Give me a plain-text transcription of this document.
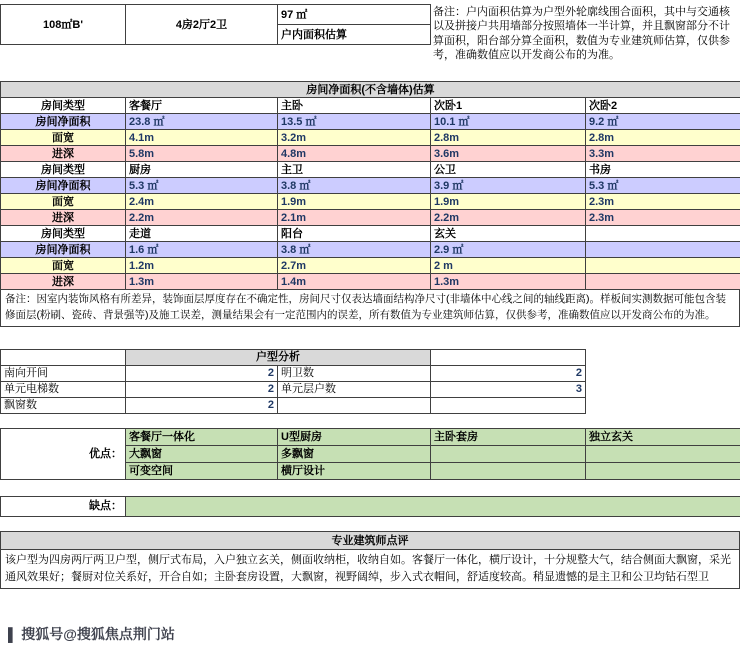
108㎡B'	4房2厅2卫	97 ㎡
户内面积估算
备注：户内面积估算为户型外轮廓线围合面积，其中与交通核以及拼接户共用墙部分按照墙体一半计算，并且飘窗部分不计算面积，阳台部分算全面积，数值为专业建筑师估算，仅供参考，准确数值应以开发商公布的为准。
房间净面积(不含墙体)估算				
房间类型	客餐厅	主卧	次卧1	次卧2
房间净面积	23.8 ㎡	13.5 ㎡	10.1 ㎡	9.2 ㎡
面宽	4.1m	3.2m	2.8m	2.8m
进深	5.8m	4.8m	3.6m	3.3m
房间类型	厨房	主卫	公卫	书房
房间净面积	5.3 ㎡	3.8 ㎡	3.9 ㎡	5.3 ㎡
面宽	2.4m	1.9m	1.9m	2.3m
进深	2.2m	2.1m	2.2m	2.3m
房间类型	走道	阳台	玄关	
房间净面积	1.6 ㎡	3.8 ㎡	2.9 ㎡	
面宽	1.2m	2.7m	2 m	
进深	1.3m	1.4m	1.3m	
备注：因室内装饰风格有所差异，装饰面层厚度存在不确定性，房间尺寸仅表达墙面结构净尺寸(非墙体中心线之间的轴线距离)。样板间实测数据可能包含装修面层(粉刷、瓷砖、背景强等)及施工误差，测量结果会有一定范围内的误差，所有数值为专业建筑师估算，仅供参考，准确数值应以开发商公布的为准。
	户型分析		
南向开间	2	明卫数	2
单元电梯数	2	单元层户数	3
飘窗数	2		
优点：	客餐厅一体化	U型厨房	主卧套房	独立玄关
	大飘窗	多飘窗		
	可变空间	横厅设计		
缺点：	
专业建筑师点评
该户型为四房两厅两卫户型，侧厅式布局，入户独立玄关，侧面收纳柜，收纳自如。客餐厅一体化，横厅设计，十分规整大气，结合侧面大飘窗，采光通风效果好；餐厨对位关系好，开合自如；主卧套房设置，大飘窗，视野阔绰，步入式衣帽间，舒适度较高。稍显遗憾的是主卫和公卫均钻石型卫
▌ 搜狐号@搜狐焦点荆门站
